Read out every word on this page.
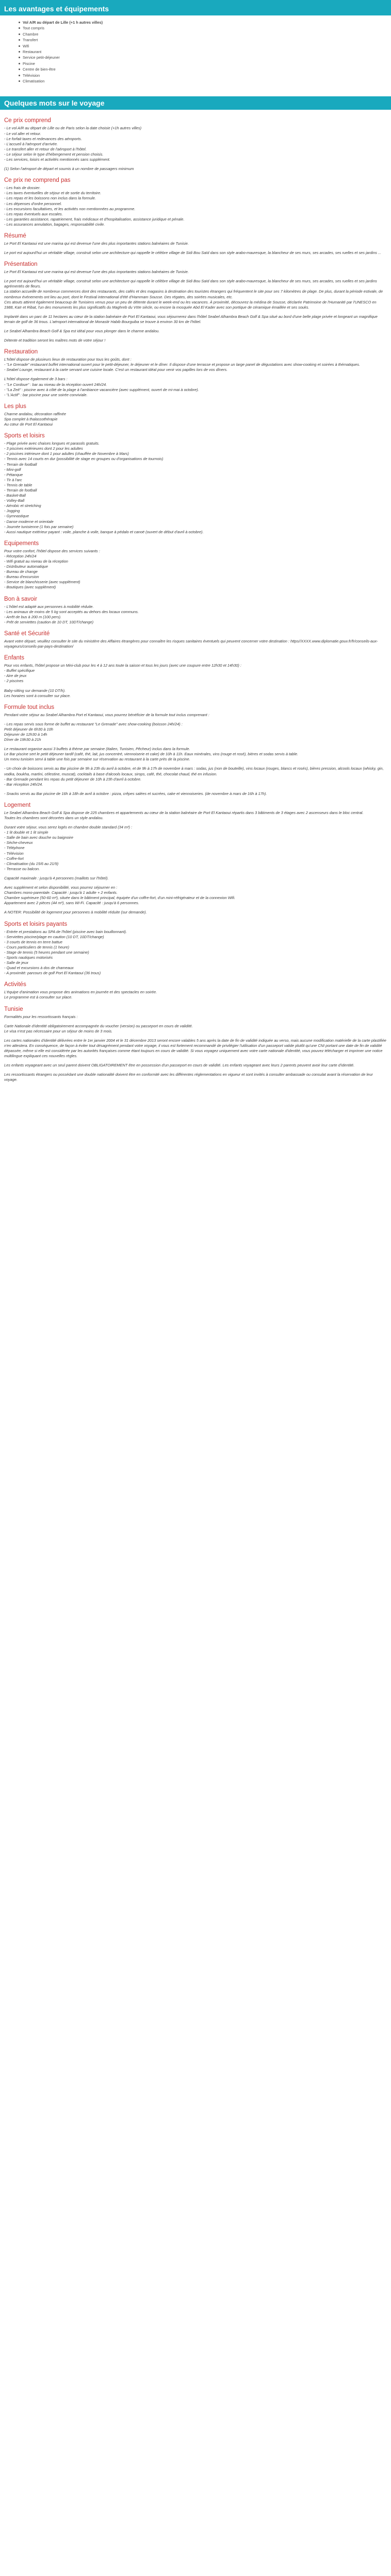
Les avantages et équipements
Vol A/R au départ de Lille (+1 h autres villes)
Tout compris
Chambre
Transfert
Wifi
Restaurant
Service petit-déjeuner
Piscine
Centre de bien-être
Télévision
Climatisation
Quelques mots sur le voyage
Ce prix comprend

- Le vol A/R au départ de Lille ou de Paris selon la date choisie (+1h autres villes)
- Le vol aller et retour.
- Le forfait taxes et redevances des aéroports.
- L'accueil à l'aéroport d'arrivée.
- Le transfert aller et retour de l'aéroport à l'hôtel.
- Le séjour selon le type d'hébergement et pension choisis.
- Les services, loisirs et activités mentionnés sans supplément.

(1) Selon l'aéroport de départ et soumis à un nombre de passagers minimum

Ce prix ne comprend pas

- Les frais de dossier.
- Les taxes éventuelles de séjour et de sortie du territoire.
- Les repas et les boissons non inclus dans la formule.
- Les dépenses d'ordre personnel.
- Les excursions facultatives, et les activités non mentionnées au programme.
- Les repas éventuels aux escales.
- Les garanties assistance, rapatriement, frais médicaux et d'hospitalisation, assistance juridique et pénale.
- Les assurances annulation, bagages, responsabilité civile.

Résumé

Le Port El Kantaoui est une marina qui est devenue l'une des plus importantes stations balnéaires de Tunisie.

Le port est aujourd'hui un véritable village, construit selon une architecture qui rappelle le célèbre village de Sidi Bou Saïd dans son style arabo-mauresque, la blancheur de ses murs, ses arcades, ses ruelles et ses jardins ...

Présentation

Le Port El Kantaoui est une marina qui est devenue l'une des plus importantes stations balnéaires de Tunisie.

Le port est aujourd'hui un véritable village, construit selon une architecture qui rappelle le célèbre village de Sidi Bou Saïd dans son style arabo-mauresque, la blancheur de ses murs, ses arcades, ses ruelles et ses jardins agrémentés de fleurs.
La station accueille de nombreux commerces dont des restaurants, des cafés et des magasins à destination des touristes étrangers qui fréquentent le site pour ses 7 kilomètres de plage. De plus, durant la période estivale, de nombreux événements ont lieu au port, dont le Festival international d'été d'Hammam Sousse. Des régates, des soirées musicales, etc.
Ces atouts attirent également beaucoup de Tunisiens venus pour un peu de détente durant le week-end ou les vacances. À proximité, découvrez la médina de Sousse, déclarée Patrimoine de l'Humanité par l'UNESCO en 1988, Kaïr et Ribat, l'un des monuments les plus significatifs du Maghreb du VIIIe siècle, ou encore la mosquée Abd El Kader avec son portique de céramique émaillée et ses souks.

Implanté dans un parc de 11 hectares au cœur de la station balnéaire de Port El Kantaoui, vous séjournerez dans l'hôtel Seabel Alhambra Beach Golf & Spa situé au bord d'une belle plage privée et longeant un magnifique terrain de golf de 36 trous. L'aéroport international de Monastir Habib Bourguiba se trouve à environ 30 km de l'hôtel.

Le Seabel Alhambra Beach Golf & Spa est idéal pour vous plonger dans le charme andalou.

Détente et tradition seront les maîtres mots de votre séjour !

Restauration

L'hôtel dispose de plusieurs lieux de restauration pour tous les goûts, dont :
- "Le Grenade" restaurant buffet international ouvert pour le petit-déjeuner, le déjeuner et le dîner. Il dispose d'une terrasse et propose un large panel de dégustations avec show-cooking et soirées à thématiques.
- Seabel Lounge, restaurant à la carte servant une cuisine locale. C'est un restaurant idéal pour venir vos papilles lors de vos dîners.

L'hôtel dispose également de 3 bars :
- "Le Cordoue" : bar au niveau de la réception ouvert 24h/24.
- "La Zeit" : piscine avec à côté de la plage à l'ambiance vacancière (avec supplément, ouvert de mi-mai à octobre).
- "L'Actif" : bar piscine pour une soirée conviviale.

Les plus

Charme andalou, décoration raffinée
Spa complet à thalassothérapie
Au cœur de Port El Kantaoui

Sports et loisirs

- Plage privée avec chaises longues et parasols gratuits.
- 3 piscines extérieures dont 2 pour les adultes
- 2 piscines intérieure dont 1 pour adultes (chauffée de Novembre à Mars)
- Tennis avec 14 courts en dur (possibilité de stage en groupes ou d'organisations de tournois)
- Terrain de football
- Mini-golf
- Pétanque
- Tir à l'arc
- Tennis de table
- Terrain de football
- Basket-Ball
- Volley-Ball
- Aérobic et stretching
- Jogging
- Gymnastique
- Danse moderne et orientale
- Journée tunisienne (1 fois par semaine)
- Aussi nautique extérieur payant : voile, planche à voile, banque à pédalo et canoë (ouvert de début d'avril à octobre).

Equipements

Pour votre confort, l'hôtel dispose des services suivants :
- Réception 24h/24
- Wifi gratuit au niveau de la réception
- Distributeur automatique
- Bureau de change
- Bureau d'excursion
- Service de blanchisserie (avec supplément)
- Boutiques (avec supplément)

Bon à savoir

- L'hôtel est adapté aux personnes à mobilité réduite.
- Les animaux de moins de 5 kg sont acceptés au dehors des locaux communs.
- Arrêt de bus à 200 m (100 pers).
- Prêt de serviettes (caution de 10 DT, 10DT/change)

Santé et Sécurité

Avant votre départ, veuillez consulter le site du ministère des Affaires étrangères pour connaître les risques sanitaires éventuels qui peuvent concerner votre destination : https//XXXX.www.diplomatie.gouv.fr/fr/conseils-aux-voyageurs/conseils-par-pays-destination/

Enfants

Pour vos enfants, l'hôtel propose un Mini-club pour les 4 à 12 ans toute la saison et tous les jours (avec une coupure entre 12h30 et 14h30) :
- Buffet spécifique
- Aire de jeux
- 2 piscines

Baby-sitting sur demande (10 DT/h).
Les horaires sont à consulter sur place.

Formule tout inclus

Pendant votre séjour au Seabel Alhambra Port el Kantaoui, vous pourrez bénéficier de la formule tout inclus comprenant :

- Les repas servis sous forme de buffet au restaurant "Le Grenade" avec show-cooking (boisson 24h/24) :
Petit déjeuner de 6h30 à 10h
Déjeuner de 12h30 à 14h
Dîner de 19h30 à 21h

Le restaurant organise aussi 3 buffets à thème par semaine (Italien, Tunisien, Pêcheur) inclus dans la formule.
Le Bar piscine sert le petit déjeuner tardif (café, thé, lait, jus concentré, viennoiserie et cake) de 10h à 11h. Eaux minérales, vins (rouge et rosé), bières et sodas servis à table.
Un menu tunisien servi à table une fois par semaine sur réservation au restaurant à la carte près de la piscine.

- Un choix de boissons servis au Bar piscine de 9h à 23h du avril à octobre, et de 9h à 17h de novembre à mars : sodas, jus (non de bouteille), vins locaux (rouges, blancs et rosés), bières pression, alcools locaux (whisky, gin, vodka, boukha, martini, célestine, muscat), cocktails à base d'alcools locaux, sirops, café, thé, chocolat chaud, thé en infusion.
- Bar Grenade pendant les repas du petit déjeuner de 10h à 23h d'avril à octobre.
- Bar réception 24h/24.

- Snacks servis au Bar piscine de 16h à 18h de avril à octobre : pizza, crêpes salées et sucrées, cake et viennoiseries. (de novembre à mars de 16h à 17h).

Logement

Le Seabel Alhambra Beach Golf & Spa dispose de 225 chambres et appartements au cœur de la station balnéaire de Port El Kantaoui répartis dans 3 bâtiments de 3 étages avec 2 ascenseurs dans le bloc central.
Toutes les chambres sont décorées dans un style andalou.

Durant votre séjour, vous serez logés en chambre double standard (34 m²) :
- 1 lit double et 1 lit simple
- Salle de bain avec douche ou baignoire
- Sèche-cheveux
- Téléphone
- Télévision
- Coffre-fort
- Climatisation (du 15/6 au 21/9)
- Terrasse ou balcon.

Capacité maximale : jusqu'à 4 personnes (maillots sur l'hôtel).

Avec supplément et selon disponibilité, vous pourrez séjourner en :
Chambres mono-parentale. Capacité : jusqu'à 1 adulte + 2 enfants.
Chambre supérieure (50-60 m²), située dans le bâtiment principal, équipée d'un coffre-fort, d'un mini-réfrigérateur et de la connexion Wifi.
Appartement avec 2 pièces (44 m²), sans Wi-Fi. Capacité : jusqu'à 6 personnes.

A NOTER: Possibilité de logement pour personnes à mobilité réduite (sur demande).

Sports et loisirs payants

- Entrée et prestations au SPA de l'hôtel (piscine avec bain bouillonnant).
- Serviettes piscine/plage en caution (10 DT, 10DT/change)
- 3 courts de tennis en terre battue
- Cours particuliers de tennis (1 heure)
- Stage de tennis (5 heures pendant une semaine)
- Sports nautiques motorisés
- Salle de jeux
- Quad et excursions à dos de chameaux
- A proximité: parcours de golf Port El Kantaoui (36 trous)

Activités

L'équipe d'animation vous propose des animations en journée et des spectacles en soirée.
Le programme est à consulter sur place.

Tunisie

Formalités pour les ressortissants français :

Carte Nationale d'identité obligatoirement accompagnée du voucher (version) ou passeport en cours de validité.
Le visa n'est pas nécessaire pour un séjour de moins de 3 mois.

Les cartes nationales d'identité délivrées entre le 1er janvier 2004 et le 31 décembre 2013 seront encore valables 5 ans après la date de fin de validité indiquée au verso, mais aucune modification matérielle de la carte plastifiée n'en attestera. En conséquence, de façon à éviter tout désagrément pendant votre voyage, il vous est fortement recommandé de privilégier l'utilisation d'un passeport valide plutôt qu'une CNI portant une date de fin de validité dépassée, même si elle est considérée par les autorités françaises comme étant toujours en cours de validité. Si vous voyagez uniquement avec votre carte nationale d'identité, vous pouvez télécharger et imprimer une notice multilingue expliquant ces nouvelles règles.

Les enfants voyageant avec un seul parent doivent OBLIGATOIREMENT être en possession d'un passeport en cours de validité. Les enfants voyageant avec leurs 2 parents peuvent avoir leur carte d'identité.

Les ressortissants étrangers ou possédant une double nationalité doivent être en conformité avec les différentes réglementations en vigueur et sont invités à consulter ambassade ou consulat avant la réservation de leur voyage.
